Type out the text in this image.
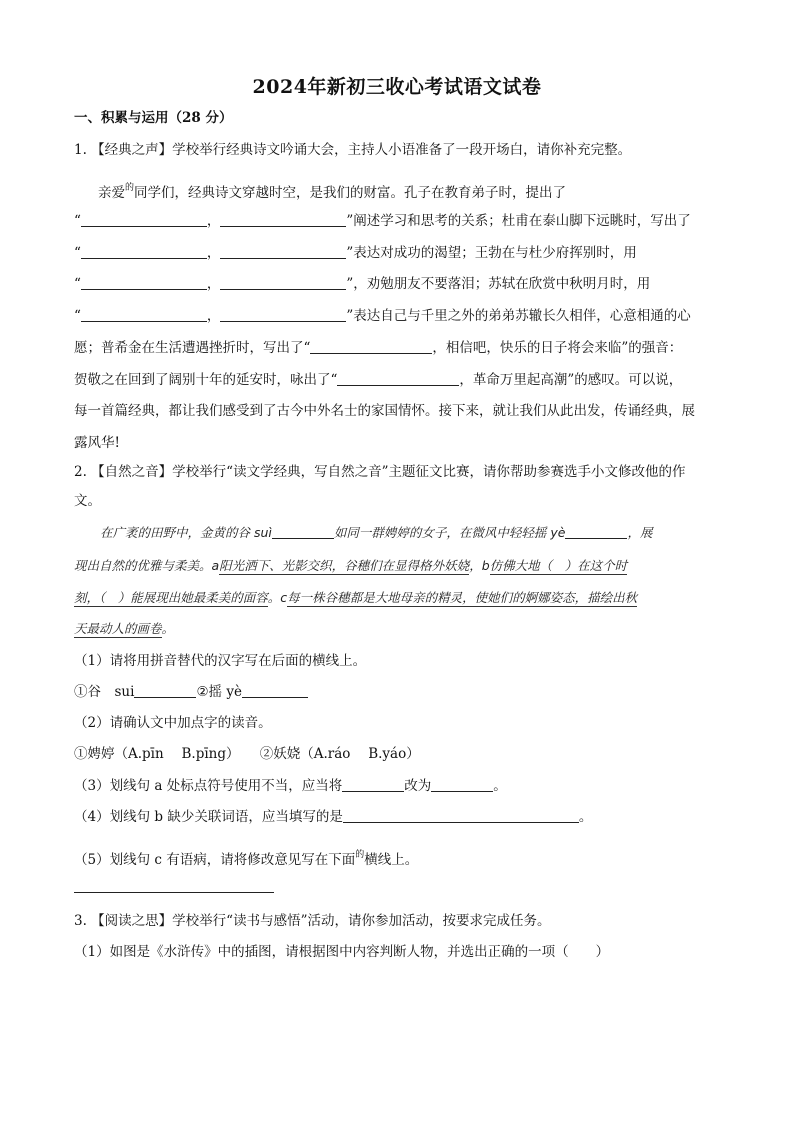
2024年新初三收心考试语文试卷
一、积累与运用（28 分）
1. 【经典之声】学校举行经典诗文吟诵大会，主持人小语准备了一段开场白，请你补充完整。
亲爱$^的$同学们，经典诗文穿越时空，是我们的财富。孔子在教育弟子时，提出了
“	，	”阐述学习和思考的关系；杜甫在泰山脚下远眺时，写出了
“	，	”表达对成功的渴望；王勃在与杜少府挥别时，用
“	，	”，劝勉朋友不要落泪；苏轼在欣赏中秋明月时，用
“	，	”表达自己与千里之外的弟弟苏辙长久相伴，心意相通的心
愿；普希金在生活遭遇挫折时，写出了“	，相信吧，快乐的日子将会来临”的强音：
贺敬之在回到了阔别十年的延安时，咏出了“	，革命万里起高潮”的感叹。可以说，
每一首篇经典，都让我们感受到了古今中外名士的家国情怀。接下来，就让我们从此出发，传诵经典，展
露风华!
2. 【自然之音】学校举行“读文学经典，写自然之音”主题征文比赛，请你帮助参赛选手小文修改他的作
文。
在广袤的田野中，金黄的谷 suì	如同一群娉婷的女子，在微风中轻轻摇 yè	，展
现出自然的优雅与柔美。a阳光洒下、光影交织，谷穗们在显得格外妖娆，b仿佛大地（　）在这个时
刻，（　）能展现出她最柔美的面容。c每一株谷穗都是大地母亲的精灵，使她们的婀娜姿态，描绘出秋
天最动人的画卷。
（1）请将用拼音替代的汉字写在后面的横线上。
①谷　sui	②摇 yè
（2）请确认文中加点字的读音。
①娉婷（A.pīn　 B.pīng）　　②妖娆（A.ráo　 B.yáo）
（3）划线句 a 处标点符号使用不当，应当将	改为	。
（4）划线句 b 缺少关联词语，应当填写的是	。
（5）划线句 c 有语病，请将修改意见写在下面$^的$横线上。
3. 【阅读之思】学校举行“读书与感悟”活动，请你参加活动，按要求完成任务。
（1）如图是《水浒传》中的插图，请根据图中内容判断人物，并选出正确的一项（　　）
